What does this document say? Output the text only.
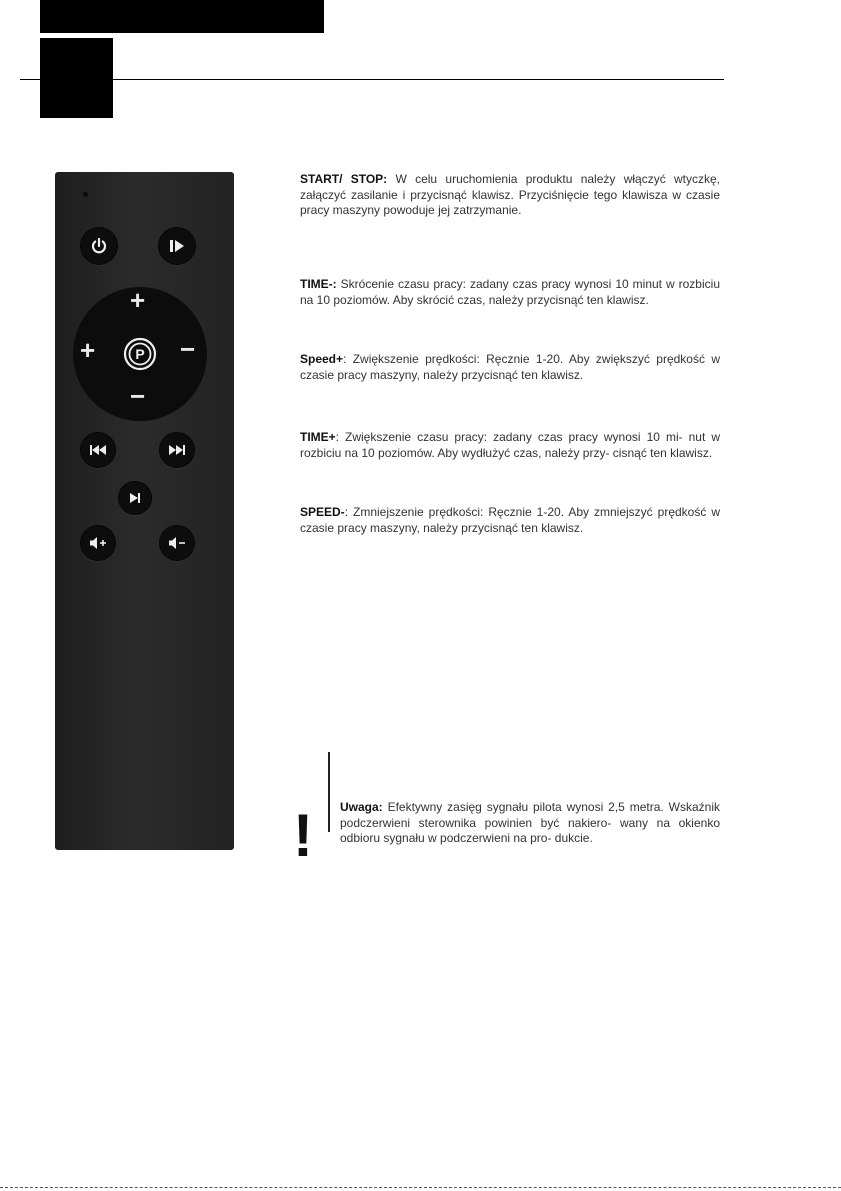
+
+	−
−
P
START/ STOP: W celu uruchomienia produktu należy włączyć wtyczkę, załączyć zasilanie i przycisnąć klawisz. Przyciśnięcie tego klawisza w czasie pracy maszyny powoduje jej zatrzymanie.
TIME-: Skrócenie czasu pracy: zadany czas pracy wynosi 10 minut w rozbiciu na 10 poziomów. Aby skrócić czas, należy przycisnąć ten klawisz.
Speed+: Zwiększenie prędkości: Ręcznie 1-20. Aby zwiększyć prędkość w czasie pracy maszyny, należy przycisnąć ten klawisz.
TIME+: Zwiększenie czasu pracy: zadany czas pracy wynosi 10 mi- nut w rozbiciu na 10 poziomów. Aby wydłużyć czas, należy przy- cisnąć ten klawisz.
SPEED-: Zmniejszenie prędkości: Ręcznie 1-20. Aby zmniejszyć prędkość w czasie pracy maszyny, należy przycisnąć ten klawisz.
! Uwaga: Efektywny zasięg sygnału pilota wynosi 2,5 metra. Wskaźnik podczerwieni sterownika powinien być nakiero- wany na okienko odbioru sygnału w podczerwieni na pro- dukcie.
